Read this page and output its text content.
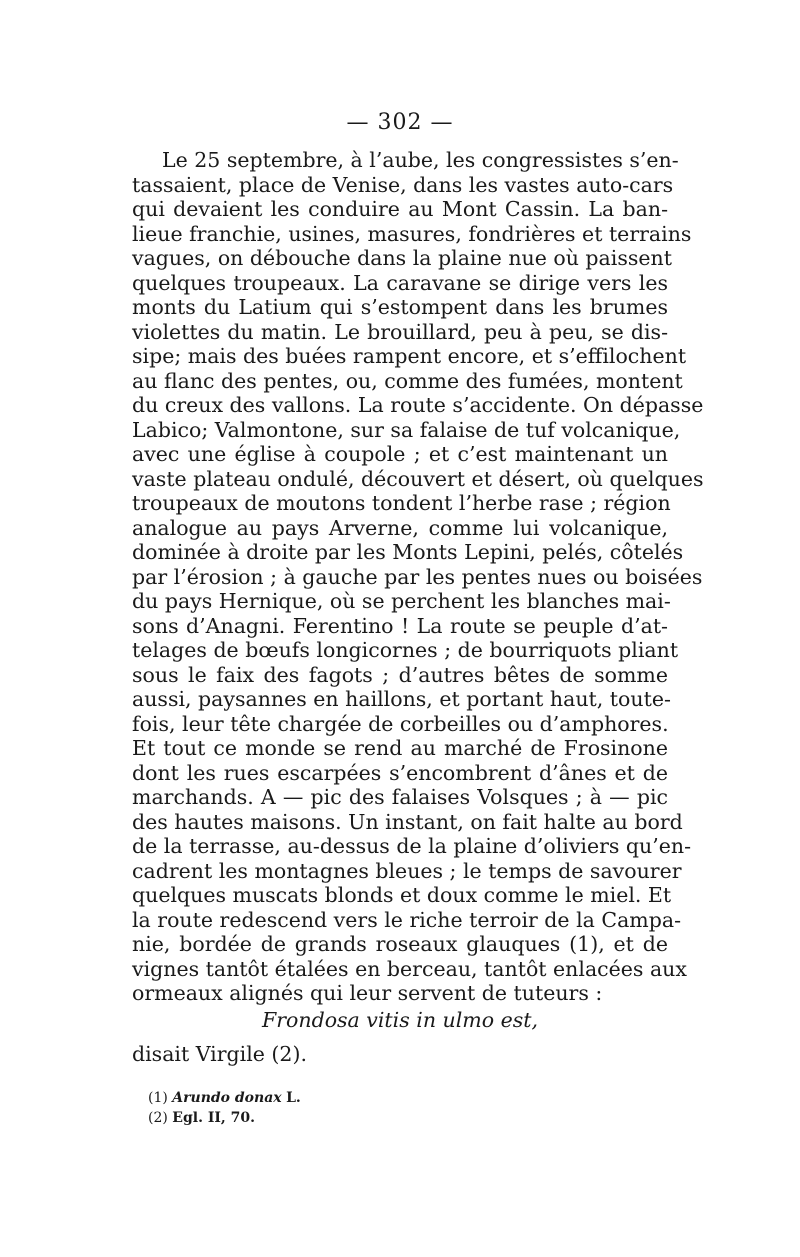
— 302 —
Le 25 septembre, à l’aube, les congressistes s’en-
tassaient, place de Venise, dans les vastes auto-cars
qui devaient les conduire au Mont Cassin. La ban-
lieue franchie, usines, masures, fondrières et terrains
vagues, on débouche dans la plaine nue où paissent
quelques troupeaux. La caravane se dirige vers les
monts du Latium qui s’estompent dans les brumes
violettes du matin. Le brouillard, peu à peu, se dis-
sipe; mais des buées rampent encore, et s’effilochent
au flanc des pentes, ou, comme des fumées, montent
du creux des vallons. La route s’accidente. On dépasse
Labico; Valmontone, sur sa falaise de tuf volcanique,
avec une église à coupole ; et c’est maintenant un
vaste plateau ondulé, découvert et désert, où quelques
troupeaux de moutons tondent l’herbe rase ; région
analogue au pays Arverne, comme lui volcanique,
dominée à droite par les Monts Lepini, pelés, côtelés
par l’érosion ; à gauche par les pentes nues ou boisées
du pays Hernique, où se perchent les blanches mai-
sons d’Anagni. Ferentino ! La route se peuple d’at-
telages de bœufs longicornes ; de bourriquots pliant
sous le faix des fagots ; d’autres bêtes de somme
aussi, paysannes en haillons, et portant haut, toute-
fois, leur tête chargée de corbeilles ou d’amphores.
Et tout ce monde se rend au marché de Frosinone
dont les rues escarpées s’encombrent d’ânes et de
marchands. A — pic des falaises Volsques ; à — pic
des hautes maisons. Un instant, on fait halte au bord
de la terrasse, au-dessus de la plaine d’oliviers qu’en-
cadrent les montagnes bleues ; le temps de savourer
quelques muscats blonds et doux comme le miel. Et
la route redescend vers le riche terroir de la Campa-
nie, bordée de grands roseaux glauques (1), et de
vignes tantôt étalées en berceau, tantôt enlacées aux
ormeaux alignés qui leur servent de tuteurs :
Frondosa vitis in ulmo est,
disait Virgile (2).
(1) Arundo donax L.
(2) Egl. II, 70.
